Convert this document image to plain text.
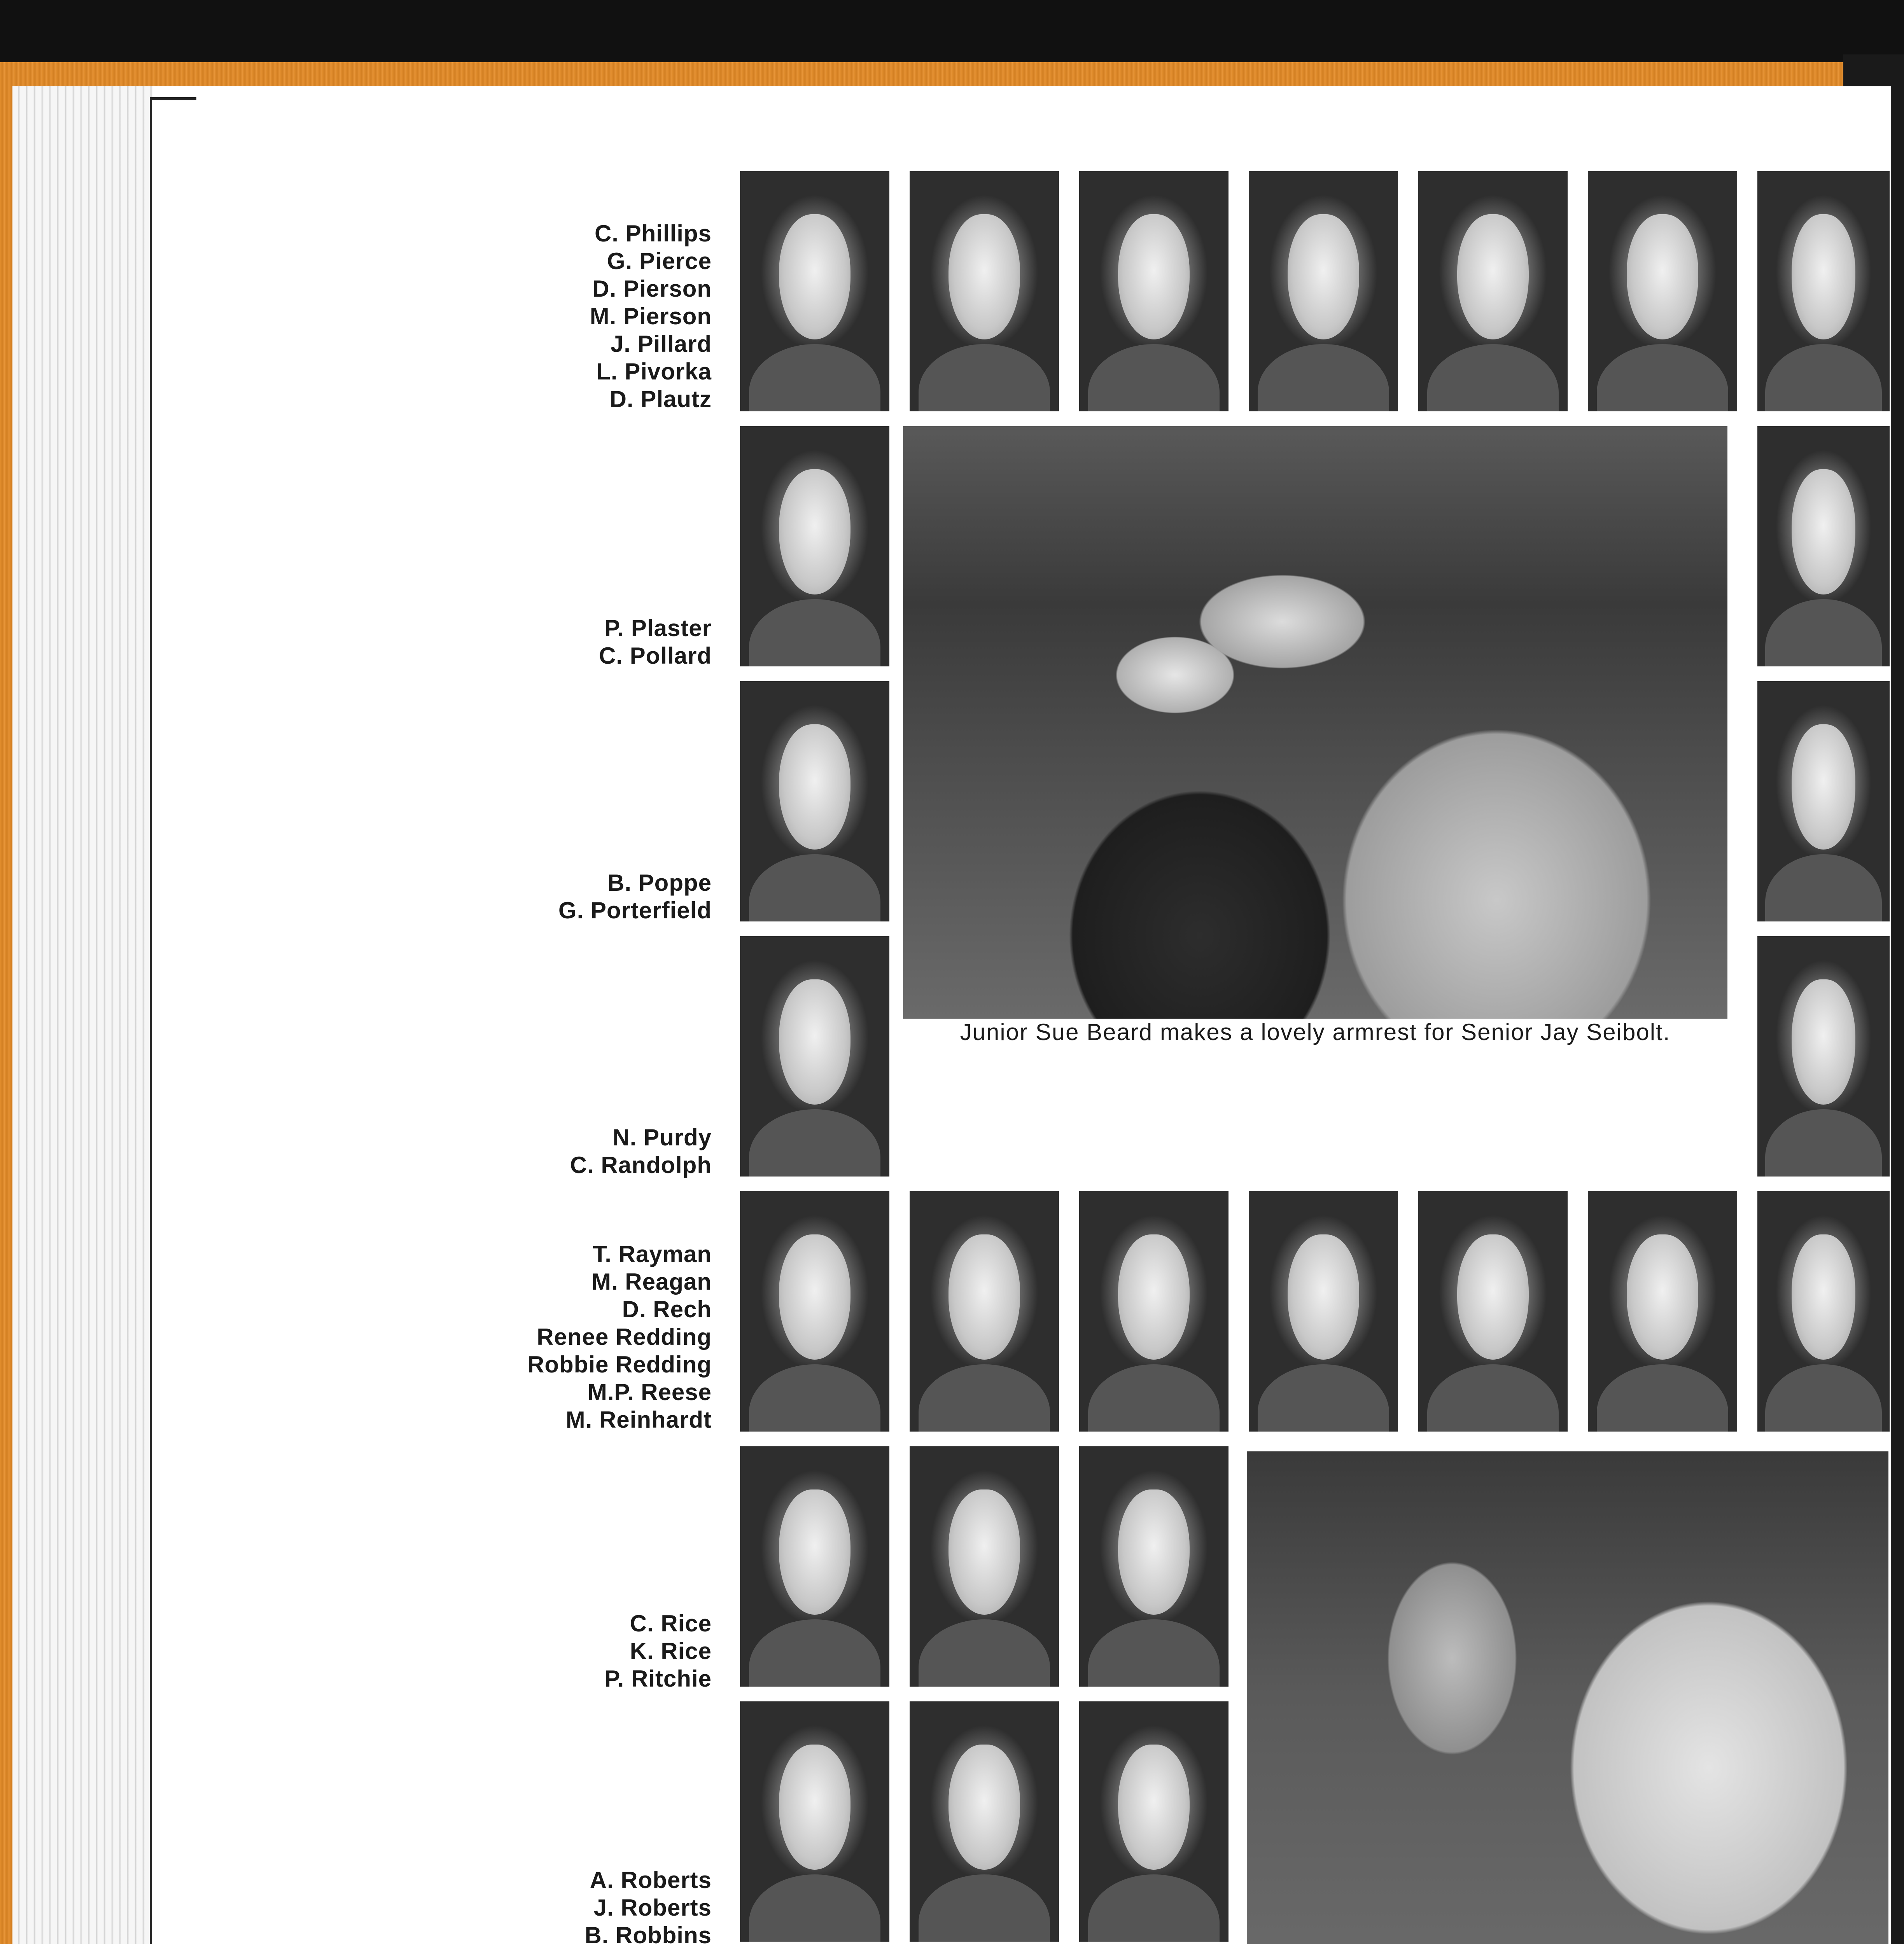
C. Phillips
G. Pierce
D. Pierson
M. Pierson
J. Pillard
L. Pivorka
D. Plautz
P. Plaster
C. Pollard
B. Poppe
G. Porterfield
N. Purdy
C. Randolph
T. Rayman
M. Reagan
D. Rech
Renee Redding
Robbie Redding
M.P. Reese
M. Reinhardt
C. Rice
K. Rice
P. Ritchie
A. Roberts
J. Roberts
B. Robbins
Junior Sue Beard makes a lovely armrest for Senior Jay Seibolt.
